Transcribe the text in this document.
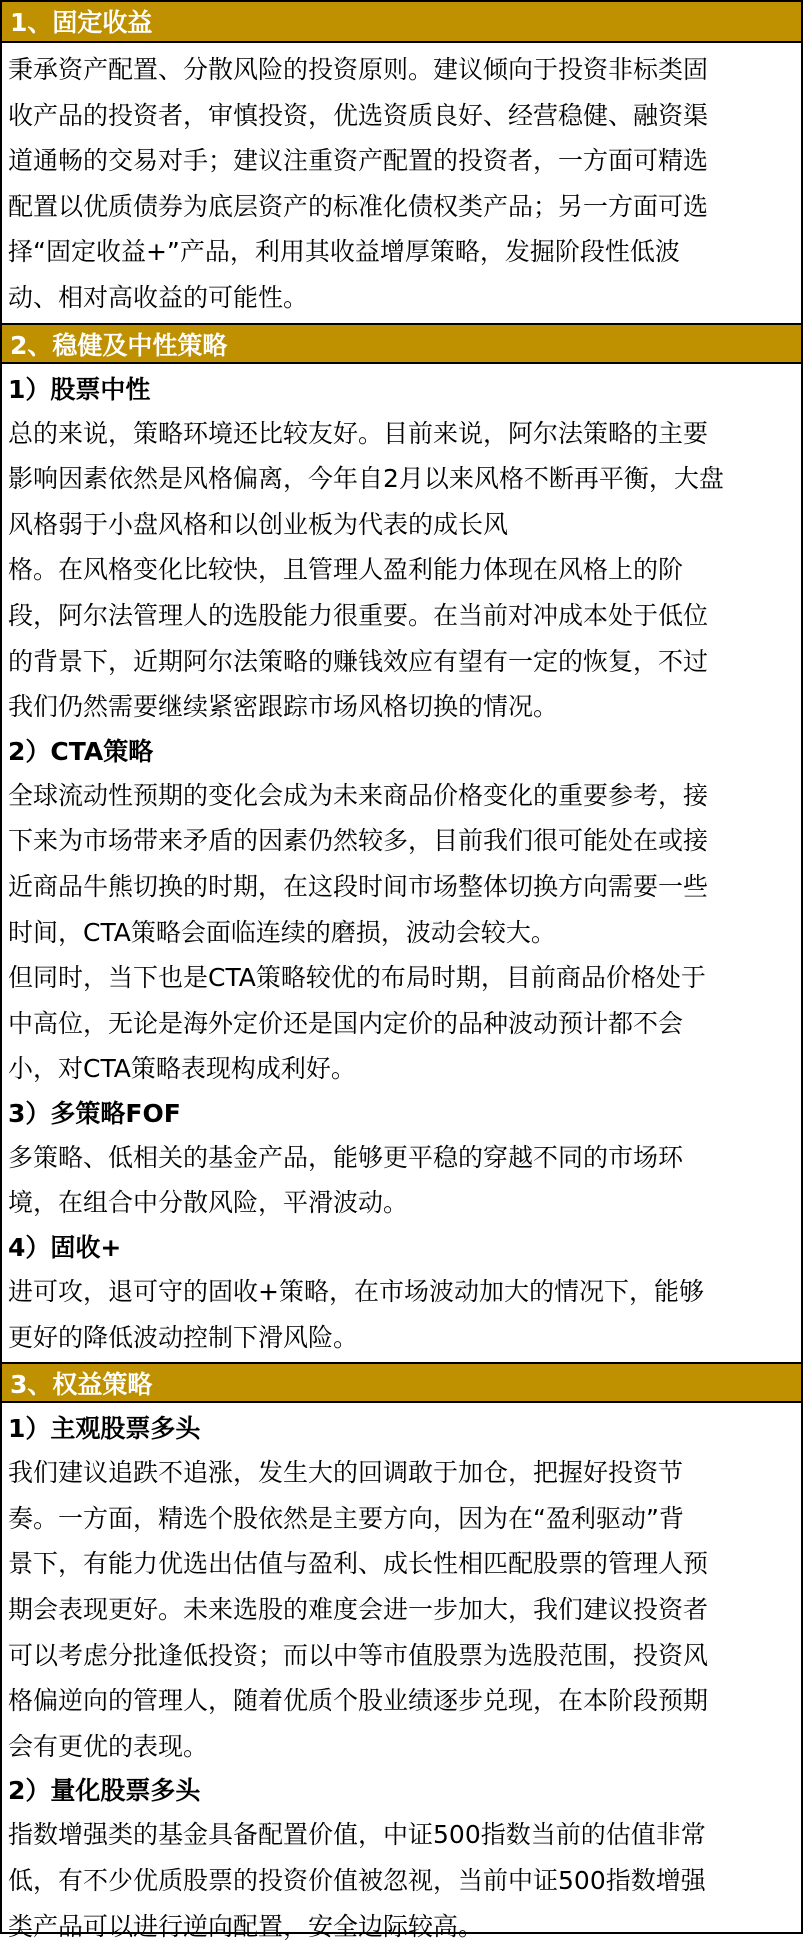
1、固定收益
秉承资产配置、分散风险的投资原则。建议倾向于投资非标类固
收产品的投资者，审慎投资，优选资质良好、经营稳健、融资渠
道通畅的交易对手；建议注重资产配置的投资者，一方面可精选
配置以优质债券为底层资产的标准化债权类产品；另一方面可选
择“固定收益+”产品，利用其收益增厚策略，发掘阶段性低波
动、相对高收益的可能性。
2、稳健及中性策略
1）股票中性
总的来说，策略环境还比较友好。目前来说，阿尔法策略的主要
影响因素依然是风格偏离，今年自2月以来风格不断再平衡，大盘
风格弱于小盘风格和以创业板为代表的成长风
格。在风格变化比较快，且管理人盈利能力体现在风格上的阶
段，阿尔法管理人的选股能力很重要。在当前对冲成本处于低位
的背景下，近期阿尔法策略的赚钱效应有望有一定的恢复，不过
我们仍然需要继续紧密跟踪市场风格切换的情况。
2）CTA策略
全球流动性预期的变化会成为未来商品价格变化的重要参考，接
下来为市场带来矛盾的因素仍然较多，目前我们很可能处在或接
近商品牛熊切换的时期，在这段时间市场整体切换方向需要一些
时间，CTA策略会面临连续的磨损，波动会较大。
但同时，当下也是CTA策略较优的布局时期，目前商品价格处于
中高位，无论是海外定价还是国内定价的品种波动预计都不会
小，对CTA策略表现构成利好。
3）多策略FOF
多策略、低相关的基金产品，能够更平稳的穿越不同的市场环
境，在组合中分散风险，平滑波动。
4）固收+
进可攻，退可守的固收+策略，在市场波动加大的情况下，能够
更好的降低波动控制下滑风险。
3、权益策略
1）主观股票多头
我们建议追跌不追涨，发生大的回调敢于加仓，把握好投资节
奏。一方面，精选个股依然是主要方向，因为在“盈利驱动”背
景下，有能力优选出估值与盈利、成长性相匹配股票的管理人预
期会表现更好。未来选股的难度会进一步加大，我们建议投资者
可以考虑分批逢低投资；而以中等市值股票为选股范围，投资风
格偏逆向的管理人，随着优质个股业绩逐步兑现，在本阶段预期
会有更优的表现。
2）量化股票多头
指数增强类的基金具备配置价值，中证500指数当前的估值非常
低，有不少优质股票的投资价值被忽视，当前中证500指数增强
类产品可以进行逆向配置，安全边际较高。
